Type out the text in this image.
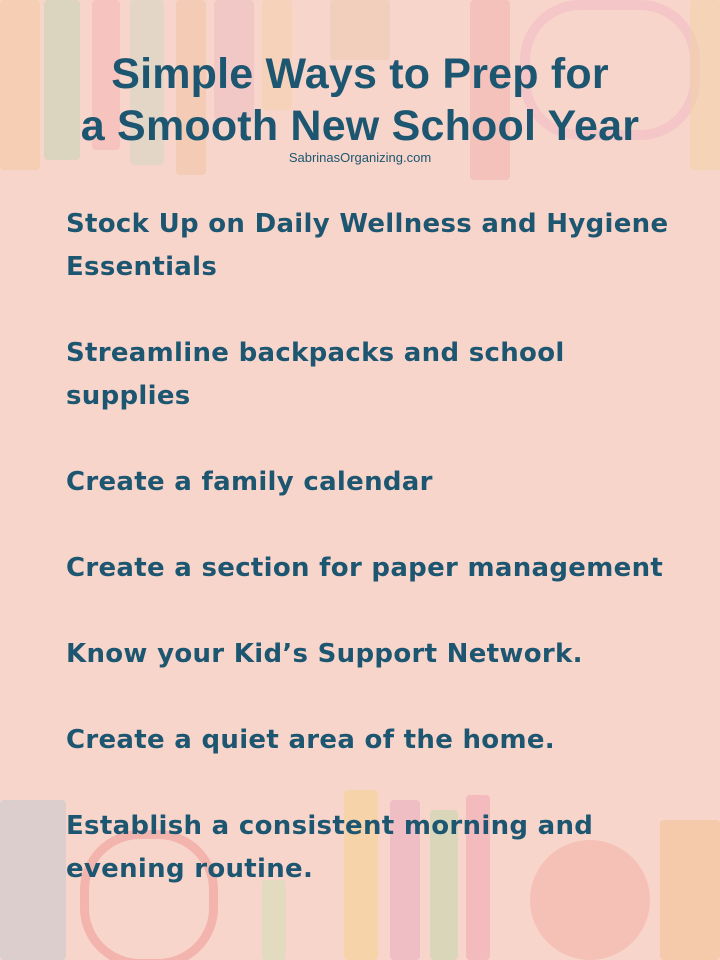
Simple Ways to Prep for
a Smooth New School Year
SabrinasOrganizing.com
Stock Up on Daily Wellness and Hygiene Essentials
Streamline backpacks and school supplies
Create a family calendar
Create a section for paper management
Know your Kid’s Support Network.
Create a quiet area of the home.
Establish a consistent morning and evening routine.
